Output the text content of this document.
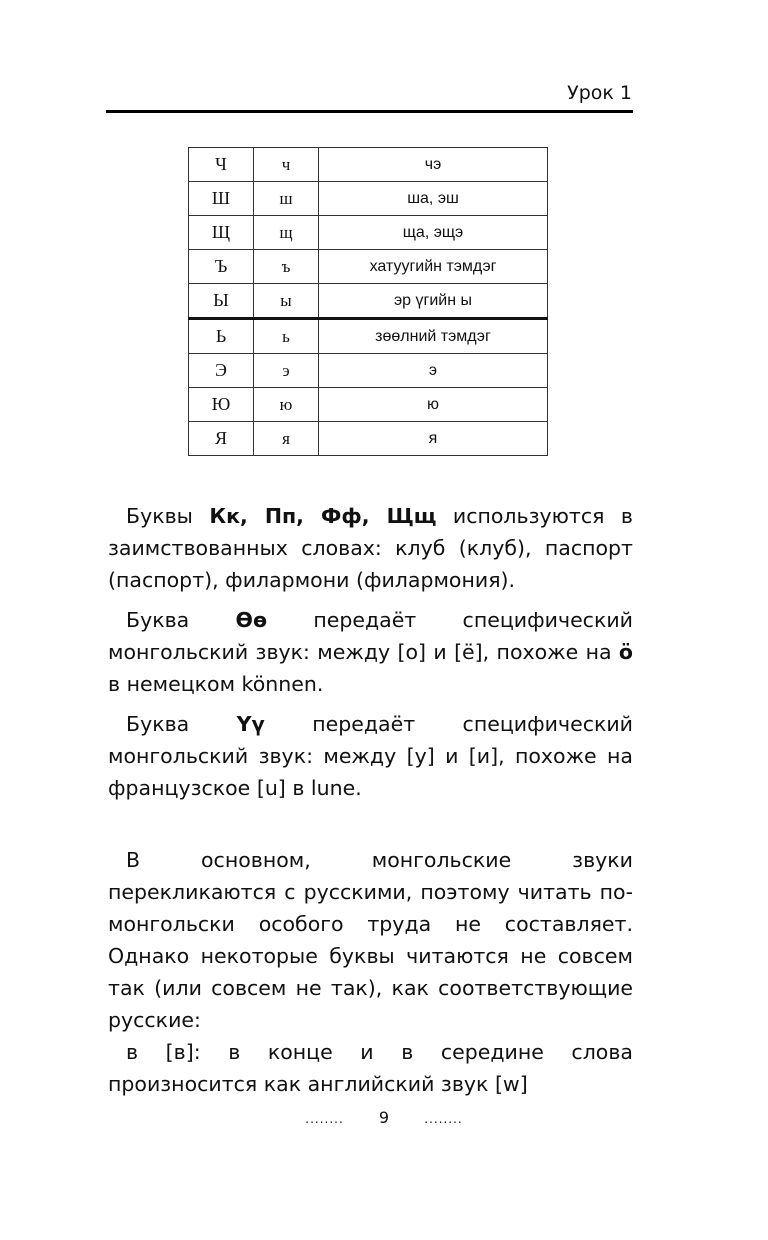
Урок 1
Ч	ч	чэ
Ш	ш	ша, эш
Щ	щ	ща, эщэ
Ъ	ъ	хатуугийн тэмдэг
Ы	ы	эр үгийн ы
Ь	ь	зөөлний тэмдэг
Э	э	э
Ю	ю	ю
Я	я	я

Буквы Кк, Пп, Фф, Щщ используются в заимствованных словах: клуб (клуб), паспорт (паспорт), филармони (филармония).

Буква Өө передаёт специфический монгольский звук: между [о] и [ё], похоже на ö в немецком können.

Буква Үү передаёт специфический монгольский звук: между [у] и [и], похоже на французское [u] в lune.

В основном, монгольские звуки перекликаются с русскими, поэтому читать по-монгольски особого труда не составляет. Однако некоторые буквы читаются не совсем так (или совсем не так), как соответствующие русские:

в [в]: в конце и в середине слова произносится как английский звук [w]

........ 9	........
